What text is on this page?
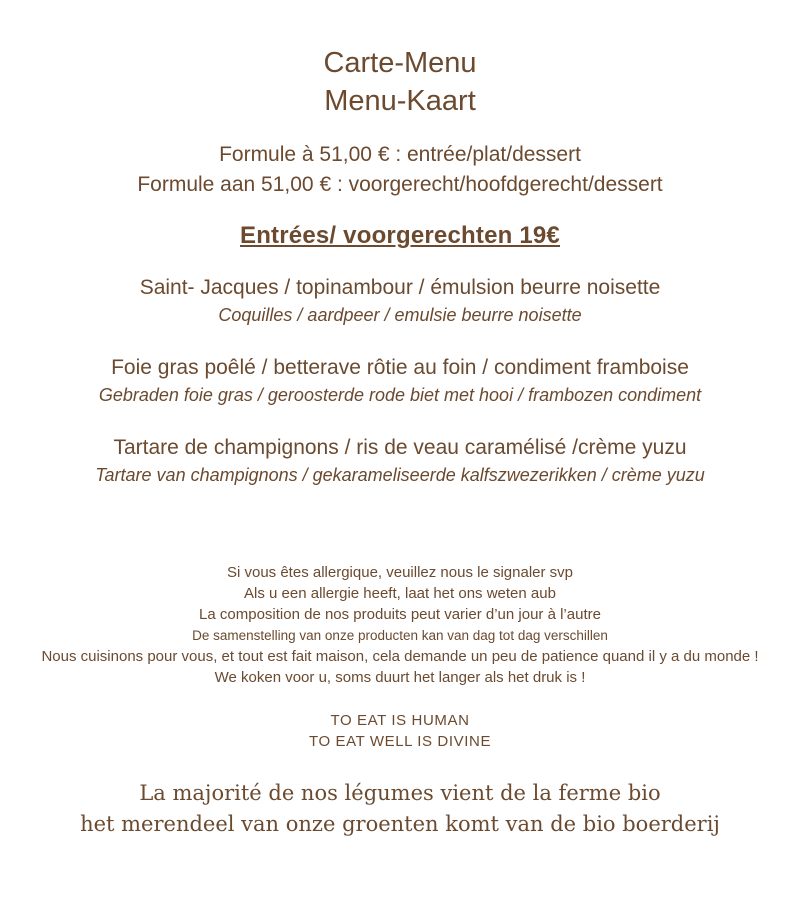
Carte-Menu
Menu-Kaart
Formule à 51,00 € : entrée/plat/dessert
Formule aan 51,00 € : voorgerecht/hoofdgerecht/dessert
Entrées/ voorgerechten 19€
Saint- Jacques / topinambour / émulsion beurre noisette
Coquilles / aardpeer / emulsie beurre noisette
Foie gras poêlé / betterave rôtie au foin / condiment framboise
Gebraden foie gras / geroosterde rode biet met hooi / frambozen condiment
Tartare de champignons / ris de veau caramélisé /crème yuzu
Tartare van champignons / gekarameliseerde kalfszwezerikken / crème yuzu
Si vous êtes allergique, veuillez nous le signaler svp
Als u een allergie heeft, laat het ons weten aub
La composition de nos produits peut varier d’un jour à l’autre
De samenstelling van onze producten kan van dag tot dag verschillen
Nous cuisinons pour vous, et tout est fait maison, cela demande un peu de patience quand il y a du monde !
We koken voor u, soms duurt het langer als het druk is !
TO EAT IS HUMAN
TO EAT WELL IS DIVINE
La majorité de nos légumes vient de la ferme bio
het merendeel van onze groenten komt van de bio boerderij
